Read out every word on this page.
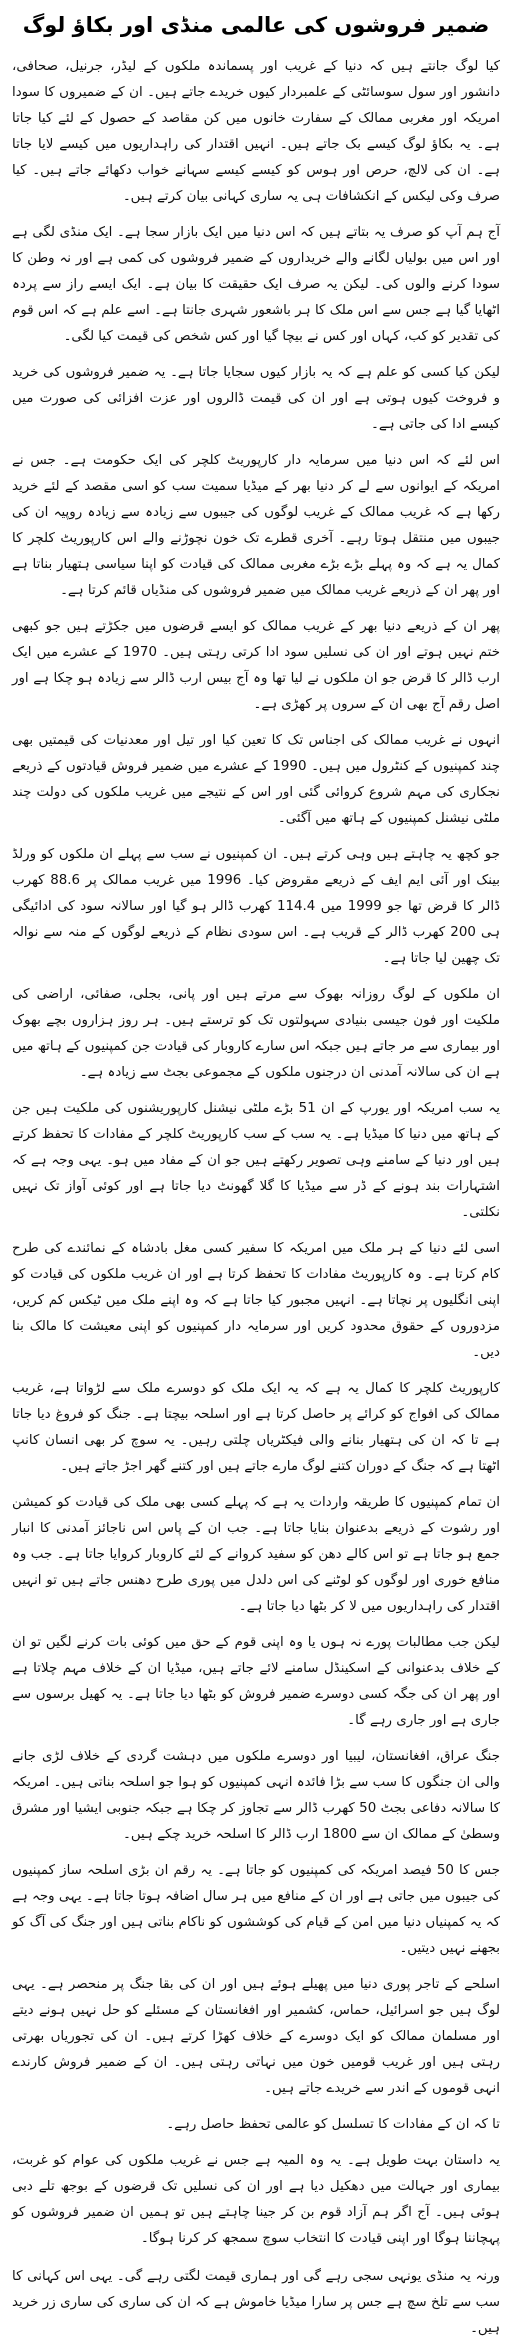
ضمیر فروشوں کی عالمی منڈی اور بکاؤ لوگ

کیا لوگ جانتے ہیں کہ دنیا کے غریب اور پسماندہ ملکوں کے لیڈر، جرنیل، صحافی، دانشور اور سول سوسائٹی کے علمبردار کیوں خریدے جاتے ہیں۔ ان کے ضمیروں کا سودا امریکہ اور مغربی ممالک کے سفارت خانوں میں کن مقاصد کے حصول کے لئے کیا جاتا ہے۔ یہ بکاؤ لوگ کیسے بک جاتے ہیں۔ انہیں اقتدار کی راہداریوں میں کیسے لایا جاتا ہے۔ ان کی لالچ، حرص اور ہوس کو کیسے کیسے سہانے خواب دکھائے جاتے ہیں۔ کیا صرف وکی لیکس کے انکشافات ہی یہ ساری کہانی بیان کرتے ہیں۔

آج ہم آپ کو صرف یہ بتاتے ہیں کہ اس دنیا میں ایک بازار سجا ہے۔ ایک منڈی لگی ہے اور اس میں بولیاں لگانے والے خریداروں کے ضمیر فروشوں کی کمی ہے اور نہ وطن کا سودا کرنے والوں کی۔ لیکن یہ صرف ایک حقیقت کا بیان ہے۔ ایک ایسے راز سے پردہ اٹھایا گیا ہے جس سے اس ملک کا ہر باشعور شہری جانتا ہے۔ اسے علم ہے کہ اس قوم کی تقدیر کو کب، کہاں اور کس نے بیچا گیا اور کس شخص کی قیمت کیا لگی۔

لیکن کیا کسی کو علم ہے کہ یہ بازار کیوں سجایا جاتا ہے۔ یہ ضمیر فروشوں کی خرید و فروخت کیوں ہوتی ہے اور ان کی قیمت ڈالروں اور عزت افزائی کی صورت میں کیسے ادا کی جاتی ہے۔

اس لئے کہ اس دنیا میں سرمایہ دار کارپوریٹ کلچر کی ایک حکومت ہے۔ جس نے امریکہ کے ایوانوں سے لے کر دنیا بھر کے میڈیا سمیت سب کو اسی مقصد کے لئے خرید رکھا ہے کہ غریب ممالک کے غریب لوگوں کی جیبوں سے زیادہ سے زیادہ روپیہ ان کی جیبوں میں منتقل ہوتا رہے۔ آخری قطرے تک خون نچوڑنے والے اس کارپوریٹ کلچر کا کمال یہ ہے کہ وہ پہلے بڑے بڑے مغربی ممالک کی قیادت کو اپنا سیاسی ہتھیار بناتا ہے اور پھر ان کے ذریعے غریب ممالک میں ضمیر فروشوں کی منڈیاں قائم کرتا ہے۔

پھر ان کے ذریعے دنیا بھر کے غریب ممالک کو ایسے قرضوں میں جکڑتے ہیں جو کبھی ختم نہیں ہوتے اور ان کی نسلیں سود ادا کرتی رہتی ہیں۔ 1970 کے عشرے میں ایک ارب ڈالر کا قرض جو ان ملکوں نے لیا تھا وہ آج بیس ارب ڈالر سے زیادہ ہو چکا ہے اور اصل رقم آج بھی ان کے سروں پر کھڑی ہے۔

انہوں نے غریب ممالک کی اجناس تک کا تعین کیا اور تیل اور معدنیات کی قیمتیں بھی چند کمپنیوں کے کنٹرول میں ہیں۔ 1990 کے عشرے میں ضمیر فروش قیادتوں کے ذریعے نجکاری کی مہم شروع کروائی گئی اور اس کے نتیجے میں غریب ملکوں کی دولت چند ملٹی نیشنل کمپنیوں کے ہاتھ میں آگئی۔

جو کچھ یہ چاہتے ہیں وہی کرتے ہیں۔ ان کمپنیوں نے سب سے پہلے ان ملکوں کو ورلڈ بینک اور آئی ایم ایف کے ذریعے مقروض کیا۔ 1996 میں غریب ممالک پر 88.6 کھرب ڈالر کا قرض تھا جو 1999 میں 114.4 کھرب ڈالر ہو گیا اور سالانہ سود کی ادائیگی ہی 200 کھرب ڈالر کے قریب ہے۔ اس سودی نظام کے ذریعے لوگوں کے منہ سے نوالہ تک چھین لیا جاتا ہے۔

ان ملکوں کے لوگ روزانہ بھوک سے مرتے ہیں اور پانی، بجلی، صفائی، اراضی کی ملکیت اور فون جیسی بنیادی سہولتوں تک کو ترستے ہیں۔ ہر روز ہزاروں بچے بھوک اور بیماری سے مر جاتے ہیں جبکہ اس سارے کاروبار کی قیادت جن کمپنیوں کے ہاتھ میں ہے ان کی سالانہ آمدنی ان درجنوں ملکوں کے مجموعی بجٹ سے زیادہ ہے۔

یہ سب امریکہ اور یورپ کے ان 51 بڑے ملٹی نیشنل کارپوریشنوں کی ملکیت ہیں جن کے ہاتھ میں دنیا کا میڈیا ہے۔ یہ سب کے سب کارپوریٹ کلچر کے مفادات کا تحفظ کرتے ہیں اور دنیا کے سامنے وہی تصویر رکھتے ہیں جو ان کے مفاد میں ہو۔ یہی وجہ ہے کہ اشتہارات بند ہونے کے ڈر سے میڈیا کا گلا گھونٹ دیا جاتا ہے اور کوئی آواز تک نہیں نکلتی۔

اسی لئے دنیا کے ہر ملک میں امریکہ کا سفیر کسی مغل بادشاہ کے نمائندے کی طرح کام کرتا ہے۔ وہ کارپوریٹ مفادات کا تحفظ کرتا ہے اور ان غریب ملکوں کی قیادت کو اپنی انگلیوں پر نچاتا ہے۔ انہیں مجبور کیا جاتا ہے کہ وہ اپنے ملک میں ٹیکس کم کریں، مزدوروں کے حقوق محدود کریں اور سرمایہ دار کمپنیوں کو اپنی معیشت کا مالک بنا دیں۔

کارپوریٹ کلچر کا کمال یہ ہے کہ یہ ایک ملک کو دوسرے ملک سے لڑواتا ہے، غریب ممالک کی افواج کو کرائے پر حاصل کرتا ہے اور اسلحہ بیچتا ہے۔ جنگ کو فروغ دیا جاتا ہے تا کہ ان کی ہتھیار بنانے والی فیکٹریاں چلتی رہیں۔ یہ سوچ کر بھی انسان کانپ اٹھتا ہے کہ جنگ کے دوران کتنے لوگ مارے جاتے ہیں اور کتنے گھر اجڑ جاتے ہیں۔

ان تمام کمپنیوں کا طریقہ واردات یہ ہے کہ پہلے کسی بھی ملک کی قیادت کو کمیشن اور رشوت کے ذریعے بدعنوان بنایا جاتا ہے۔ جب ان کے پاس اس ناجائز آمدنی کا انبار جمع ہو جاتا ہے تو اس کالے دھن کو سفید کروانے کے لئے کاروبار کروایا جاتا ہے۔ جب وہ منافع خوری اور لوگوں کو لوٹنے کی اس دلدل میں پوری طرح دھنس جاتے ہیں تو انہیں اقتدار کی راہداریوں میں لا کر بٹھا دیا جاتا ہے۔

لیکن جب مطالبات پورے نہ ہوں یا وہ اپنی قوم کے حق میں کوئی بات کرنے لگیں تو ان کے خلاف بدعنوانی کے اسکینڈل سامنے لائے جاتے ہیں، میڈیا ان کے خلاف مہم چلاتا ہے اور پھر ان کی جگہ کسی دوسرے ضمیر فروش کو بٹھا دیا جاتا ہے۔ یہ کھیل برسوں سے جاری ہے اور جاری رہے گا۔

جنگ عراق، افغانستان، لیبیا اور دوسرے ملکوں میں دہشت گردی کے خلاف لڑی جانے والی ان جنگوں کا سب سے بڑا فائدہ انہی کمپنیوں کو ہوا جو اسلحہ بناتی ہیں۔ امریکہ کا سالانہ دفاعی بجٹ 50 کھرب ڈالر سے تجاوز کر چکا ہے جبکہ جنوبی ایشیا اور مشرق وسطیٰ کے ممالک ان سے 1800 ارب ڈالر کا اسلحہ خرید چکے ہیں۔

جس کا 50 فیصد امریکہ کی کمپنیوں کو جاتا ہے۔ یہ رقم ان بڑی اسلحہ ساز کمپنیوں کی جیبوں میں جاتی ہے اور ان کے منافع میں ہر سال اضافہ ہوتا جاتا ہے۔ یہی وجہ ہے کہ یہ کمپنیاں دنیا میں امن کے قیام کی کوششوں کو ناکام بناتی ہیں اور جنگ کی آگ کو بجھنے نہیں دیتیں۔

اسلحے کے تاجر پوری دنیا میں پھیلے ہوئے ہیں اور ان کی بقا جنگ پر منحصر ہے۔ یہی لوگ ہیں جو اسرائیل، حماس، کشمیر اور افغانستان کے مسئلے کو حل نہیں ہونے دیتے اور مسلمان ممالک کو ایک دوسرے کے خلاف کھڑا کرتے ہیں۔ ان کی تجوریاں بھرتی رہتی ہیں اور غریب قومیں خون میں نہاتی رہتی ہیں۔ ان کے ضمیر فروش کارندے انہی قوموں کے اندر سے خریدے جاتے ہیں۔

تا کہ ان کے مفادات کا تسلسل کو عالمی تحفظ حاصل رہے۔

یہ داستان بہت طویل ہے۔ یہ وہ المیہ ہے جس نے غریب ملکوں کی عوام کو غربت، بیماری اور جہالت میں دھکیل دیا ہے اور ان کی نسلیں تک قرضوں کے بوجھ تلے دبی ہوئی ہیں۔ آج اگر ہم آزاد قوم بن کر جینا چاہتے ہیں تو ہمیں ان ضمیر فروشوں کو پہچاننا ہوگا اور اپنی قیادت کا انتخاب سوچ سمجھ کر کرنا ہوگا۔

ورنہ یہ منڈی یونہی سجی رہے گی اور ہماری قیمت لگتی رہے گی۔ یہی اس کہانی کا سب سے تلخ سچ ہے جس پر سارا میڈیا خاموش ہے کہ ان کی ساری کی ساری زر خرید ہیں۔
